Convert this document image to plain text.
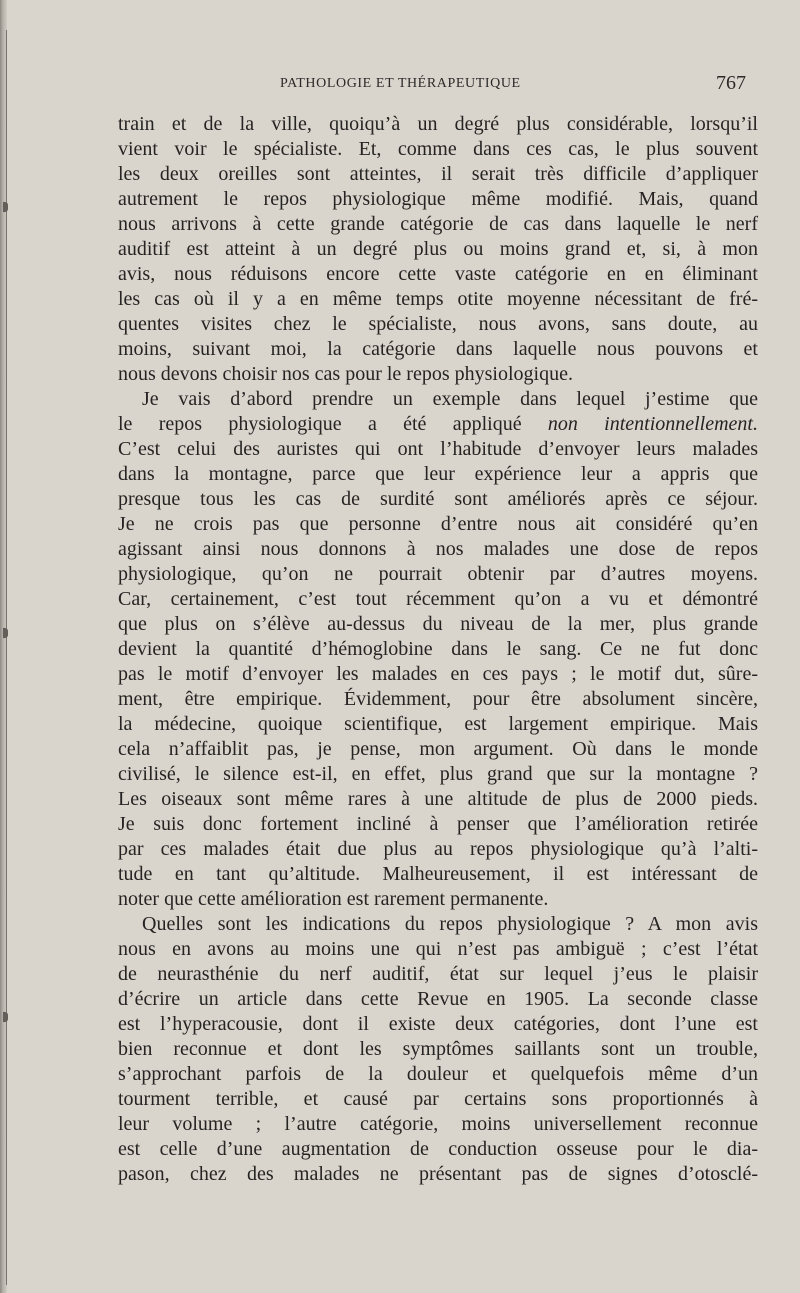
PATHOLOGIE ET THÉRAPEUTIQUE	767
train et de la ville, quoiqu’à un degré plus considérable, lorsqu’il
vient voir le spécialiste. Et, comme dans ces cas, le plus souvent
les deux oreilles sont atteintes, il serait très difficile d’appliquer
autrement le repos physiologique même modifié. Mais, quand
nous arrivons à cette grande catégorie de cas dans laquelle le nerf
auditif est atteint à un degré plus ou moins grand et, si, à mon
avis, nous réduisons encore cette vaste catégorie en en éliminant
les cas où il y a en même temps otite moyenne nécessitant de fré-
quentes visites chez le spécialiste, nous avons, sans doute, au
moins, suivant moi, la catégorie dans laquelle nous pouvons et
nous devons choisir nos cas pour le repos physiologique.
Je vais d’abord prendre un exemple dans lequel j’estime que
le repos physiologique a été appliqué non intentionnellement.
C’est celui des auristes qui ont l’habitude d’envoyer leurs malades
dans la montagne, parce que leur expérience leur a appris que
presque tous les cas de surdité sont améliorés après ce séjour.
Je ne crois pas que personne d’entre nous ait considéré qu’en
agissant ainsi nous donnons à nos malades une dose de repos
physiologique, qu’on ne pourrait obtenir par d’autres moyens.
Car, certainement, c’est tout récemment qu’on a vu et démontré
que plus on s’élève au-dessus du niveau de la mer, plus grande
devient la quantité d’hémoglobine dans le sang. Ce ne fut donc
pas le motif d’envoyer les malades en ces pays ; le motif dut, sûre-
ment, être empirique. Évidemment, pour être absolument sincère,
la médecine, quoique scientifique, est largement empirique. Mais
cela n’affaiblit pas, je pense, mon argument. Où dans le monde
civilisé, le silence est-il, en effet, plus grand que sur la montagne ?
Les oiseaux sont même rares à une altitude de plus de 2000 pieds.
Je suis donc fortement incliné à penser que l’amélioration retirée
par ces malades était due plus au repos physiologique qu’à l’alti-
tude en tant qu’altitude. Malheureusement, il est intéressant de
noter que cette amélioration est rarement permanente.
Quelles sont les indications du repos physiologique ? A mon avis
nous en avons au moins une qui n’est pas ambiguë ; c’est l’état
de neurasthénie du nerf auditif, état sur lequel j’eus le plaisir
d’écrire un article dans cette Revue en 1905. La seconde classe
est l’hyperacousie, dont il existe deux catégories, dont l’une est
bien reconnue et dont les symptômes saillants sont un trouble,
s’approchant parfois de la douleur et quelquefois même d’un
tourment terrible, et causé par certains sons proportionnés à
leur volume ; l’autre catégorie, moins universellement reconnue
est celle d’une augmentation de conduction osseuse pour le dia-
pason, chez des malades ne présentant pas de signes d’otosclé-
